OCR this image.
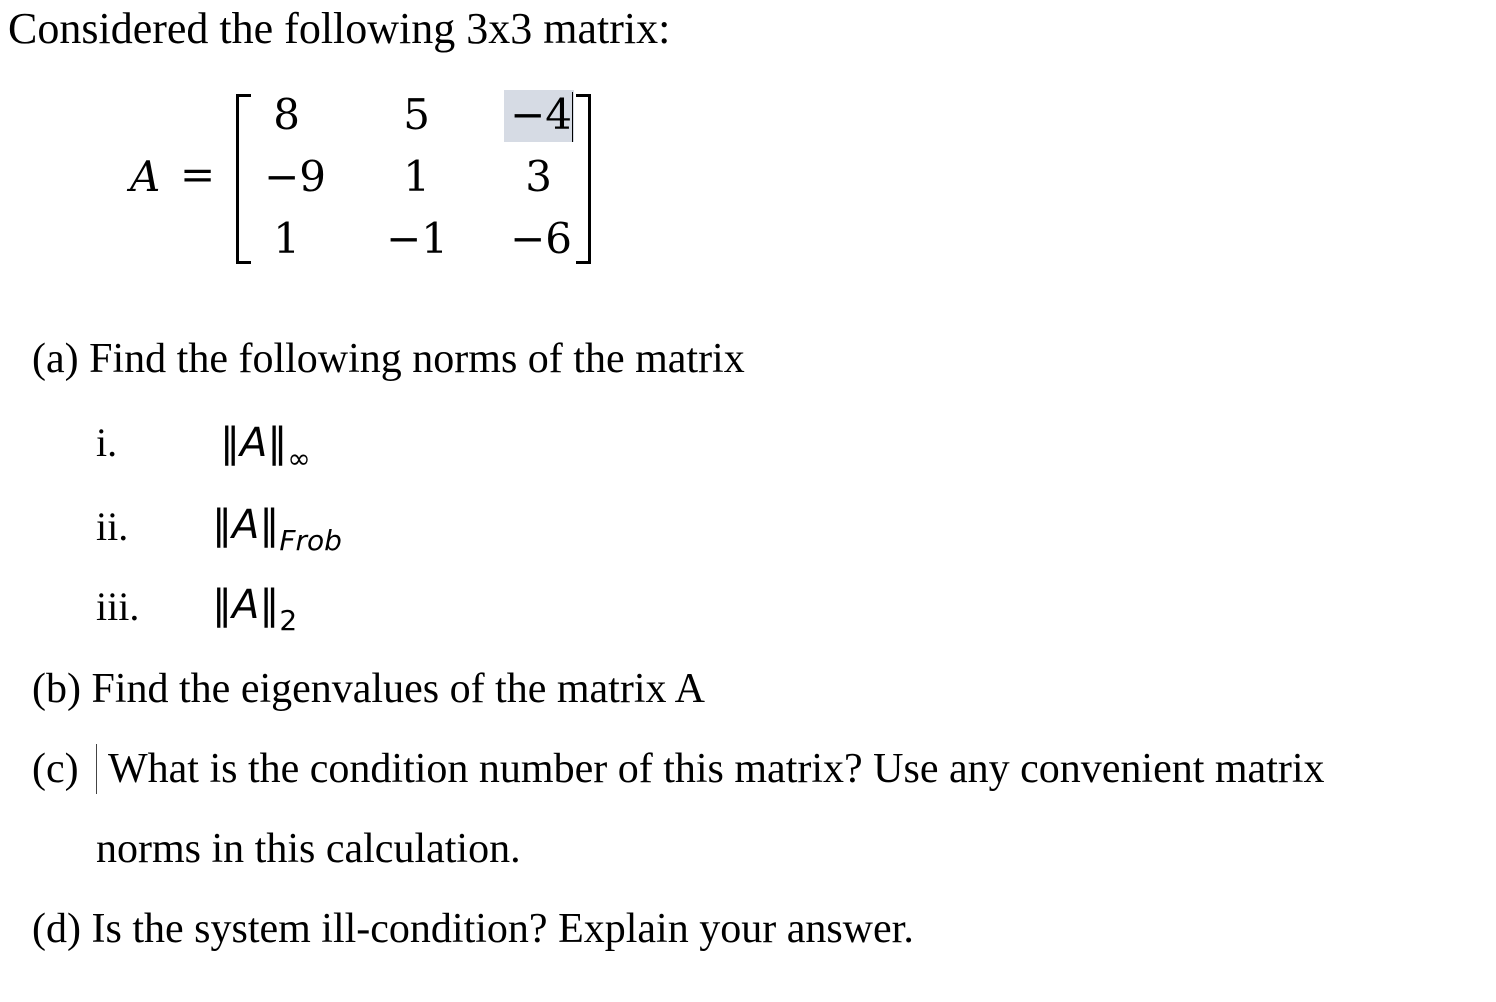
Considered the following 3x3 matrix:
A =
8	5	−4
−9	1	3
1	−1	−6
(a) Find the following norms of the matrix
i.	$‖A‖_\infty$
ii. $‖A‖_{Frob}$
iii. $‖A‖_2$
(b) Find the eigenvalues of the matrix A
(c) What is the condition number of this matrix? Use any convenient matrix
norms in this calculation.
(d) Is the system ill-condition? Explain your answer.
